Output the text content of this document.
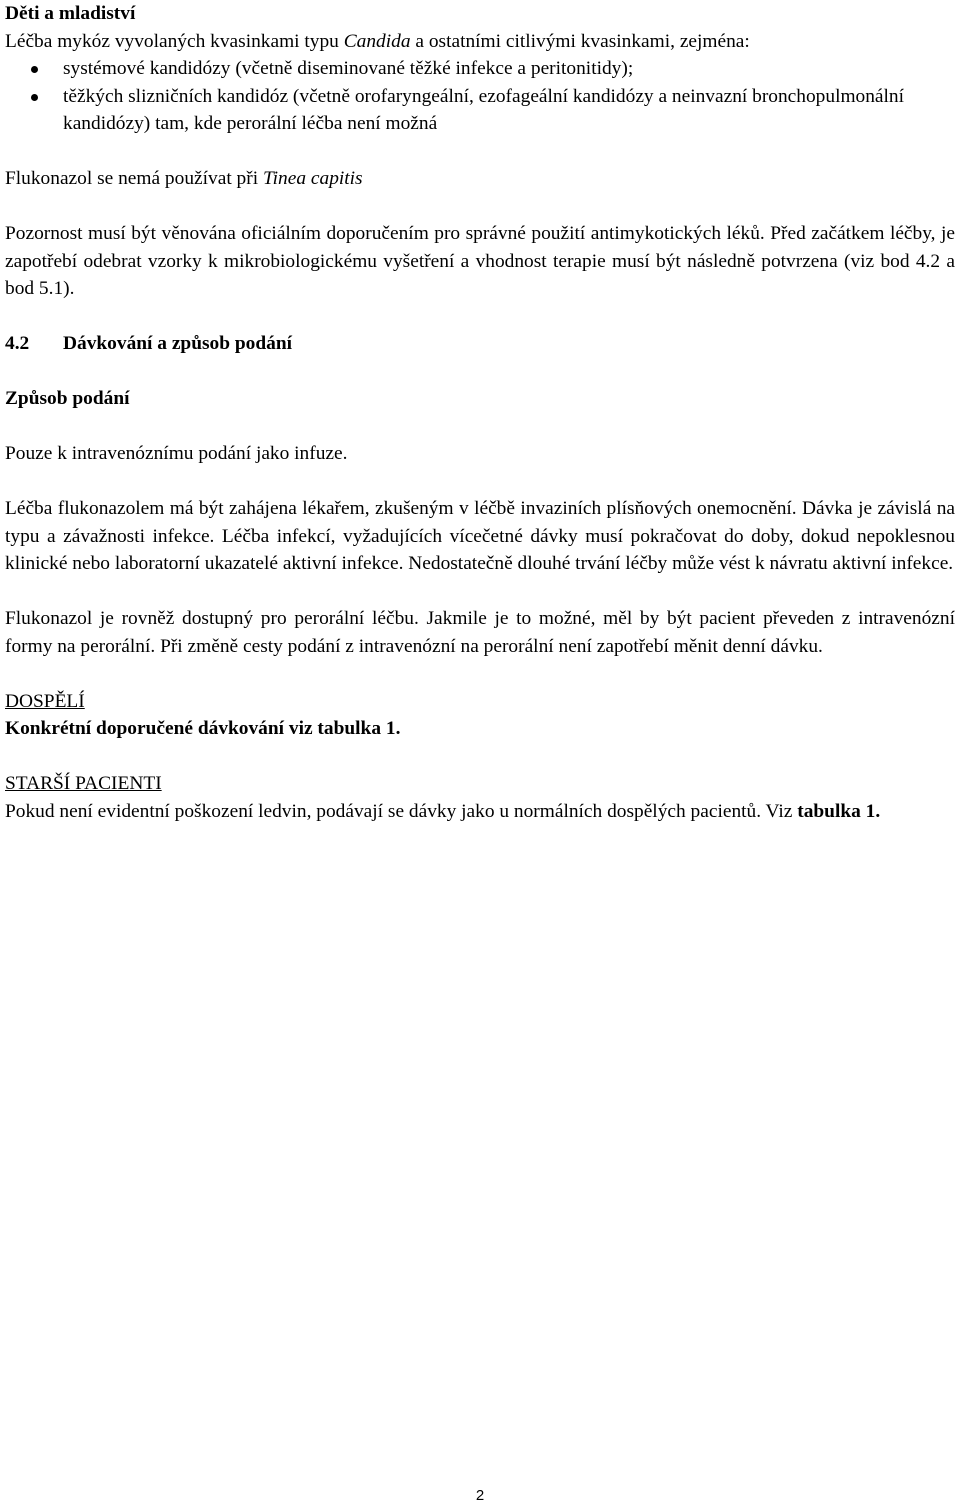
Děti a mladiství
Léčba mykóz vyvolaných kvasinkami typu Candida a ostatními citlivými kvasinkami, zejména:
systémové kandidózy (včetně diseminované těžké infekce a peritonitidy);
těžkých slizničních kandidóz (včetně orofaryngeální, ezofageální kandidózy a neinvazní bronchopulmonální kandidózy) tam, kde perorální léčba není možná
Flukonazol se nemá používat při Tinea capitis
Pozornost musí být věnována oficiálním doporučením pro správné použití antimykotických léků. Před začátkem léčby, je zapotřebí odebrat vzorky k mikrobiologickému vyšetření a vhodnost terapie musí být následně potvrzena (viz bod 4.2 a bod 5.1).
4.2 Dávkování a způsob podání
Způsob podání
Pouze k intravenóznímu podání jako infuze.
Léčba flukonazolem má být zahájena lékařem, zkušeným v léčbě invaziních plísňových onemocnění. Dávka je závislá na typu a závažnosti infekce. Léčba infekcí, vyžadujících vícečetné dávky musí pokračovat do doby, dokud nepoklesnou klinické nebo laboratorní ukazatelé aktivní infekce. Nedostatečně dlouhé trvání léčby může vést k návratu aktivní infekce.
Flukonazol je rovněž dostupný pro perorální léčbu. Jakmile je to možné, měl by být pacient převeden z intravenózní formy na perorální. Při změně cesty podání z intravenózní na perorální není zapotřebí měnit denní dávku.
DOSPĚLÍ
Konkrétní doporučené dávkování viz tabulka 1.
STARŠÍ PACIENTI
Pokud není evidentní poškození ledvin, podávají se dávky jako u normálních dospělých pacientů. Viz tabulka 1.
2
